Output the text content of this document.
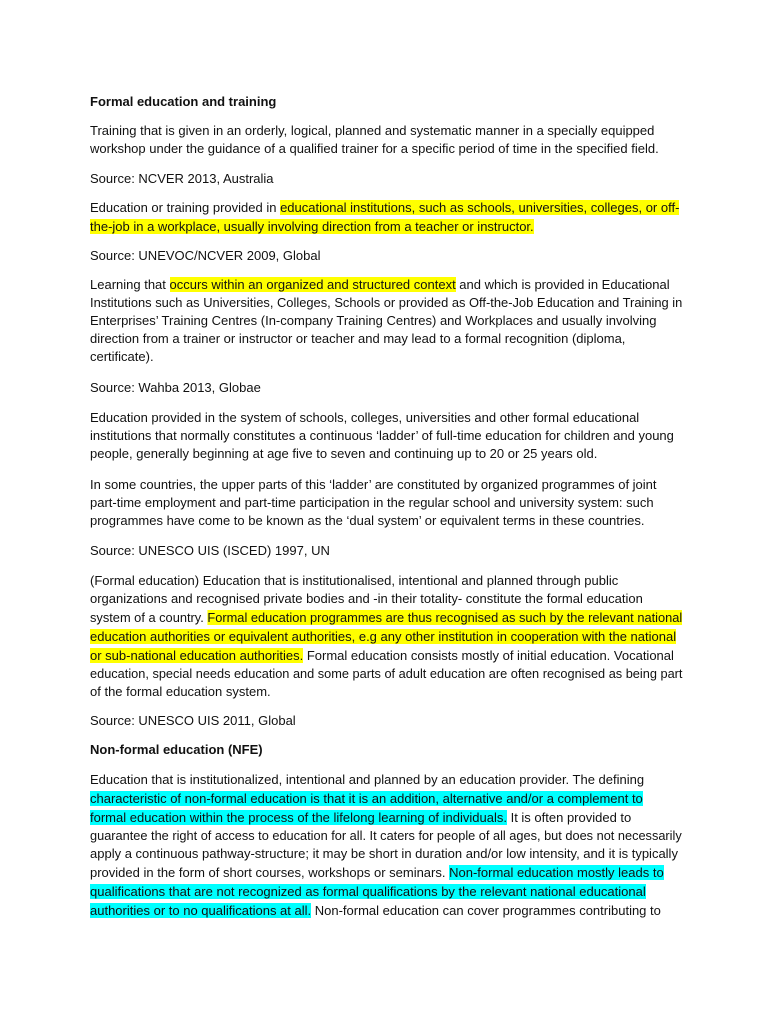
Formal education and training
Training that is given in an orderly, logical, planned and systematic manner in a specially equipped
workshop under the guidance of a qualified trainer for a specific period of time in the specified field.
Source: NCVER 2013, Australia
Education or training provided in educational institutions, such as schools, universities, colleges, or off-
the-job in a workplace, usually involving direction from a teacher or instructor.
Source: UNEVOC/NCVER 2009, Global
Learning that occurs within an organized and structured context and which is provided in Educational
Institutions such as Universities, Colleges, Schools or provided as Off-the-Job Education and Training in
Enterprises’ Training Centres (In-company Training Centres) and Workplaces and usually involving
direction from a trainer or instructor or teacher and may lead to a formal recognition (diploma,
certificate).
Source: Wahba 2013, Globae
Education provided in the system of schools, colleges, universities and other formal educational
institutions that normally constitutes a continuous ‘ladder’ of full-time education for children and young
people, generally beginning at age five to seven and continuing up to 20 or 25 years old.
In some countries, the upper parts of this ‘ladder’ are constituted by organized programmes of joint
part-time employment and part-time participation in the regular school and university system: such
programmes have come to be known as the ‘dual system’ or equivalent terms in these countries.
Source: UNESCO UIS (ISCED) 1997, UN
(Formal education) Education that is institutionalised, intentional and planned through public
organizations and recognised private bodies and -in their totality- constitute the formal education
system of a country. Formal education programmes are thus recognised as such by the relevant national
education authorities or equivalent authorities, e.g any other institution in cooperation with the national
or sub-national education authorities. Formal education consists mostly of initial education. Vocational
education, special needs education and some parts of adult education are often recognised as being part
of the formal education system.
Source: UNESCO UIS 2011, Global
Non-formal education (NFE)
Education that is institutionalized, intentional and planned by an education provider. The defining
characteristic of non-formal education is that it is an addition, alternative and/or a complement to
formal education within the process of the lifelong learning of individuals. It is often provided to
guarantee the right of access to education for all. It caters for people of all ages, but does not necessarily
apply a continuous pathway-structure; it may be short in duration and/or low intensity, and it is typically
provided in the form of short courses, workshops or seminars. Non-formal education mostly leads to
qualifications that are not recognized as formal qualifications by the relevant national educational
authorities or to no qualifications at all. Non-formal education can cover programmes contributing to
